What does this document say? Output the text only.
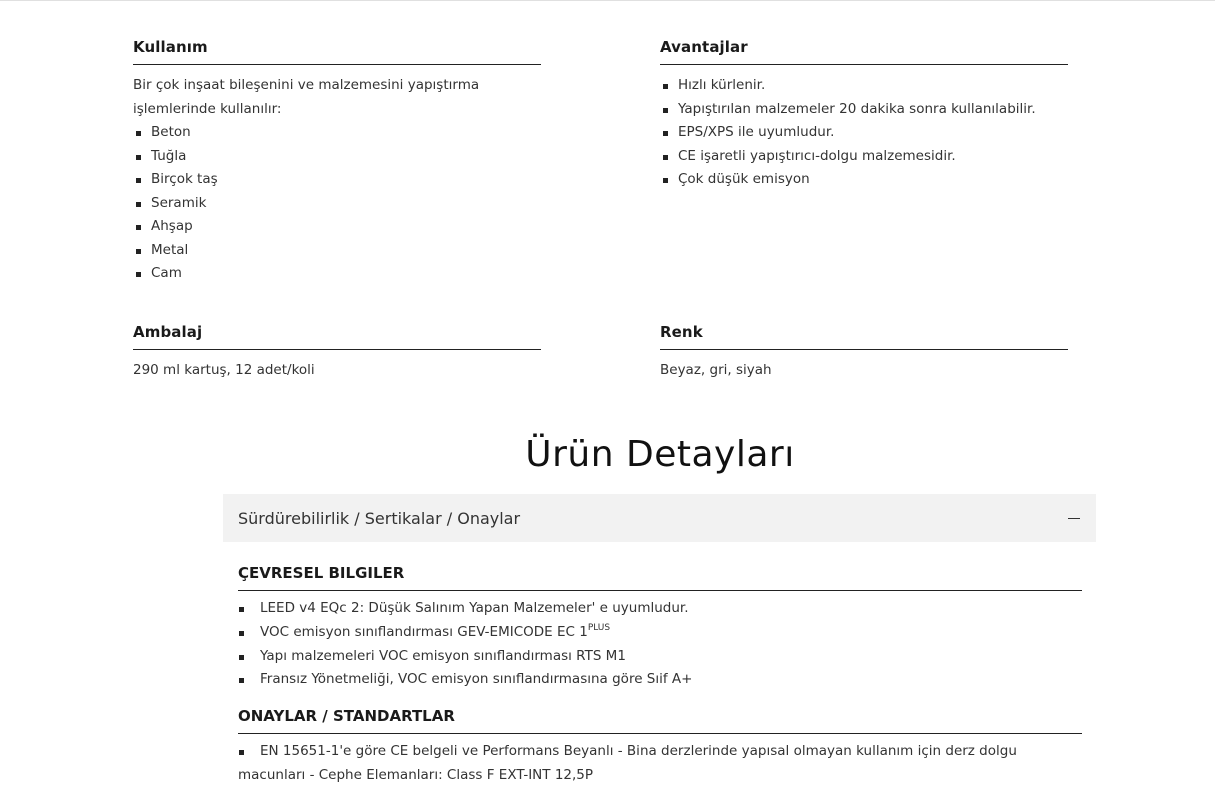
Kullanım

Bir çok inşaat bileşenini ve malzemesini yapıştırma işlemlerinde kullanılır:

Beton
Tuğla
Birçok taş
Seramik
Ahşap
Metal
Cam
Avantajlar
Hızlı kürlenir.
Yapıştırılan malzemeler 20 dakika sonra kullanılabilir.
EPS/XPS ile uyumludur.
CE işaretli yapıştırıcı-dolgu malzemesidir.
Çok düşük emisyon
Ambalaj

290 ml kartuş, 12 adet/koli

Renk

Beyaz, gri, siyah

Ürün Detayları
Sürdürebilirlik / Sertikalar / Onaylar
ÇEVRESEL BILGILER
LEED v4 EQc 2: Düşük Salınım Yapan Malzemeler' e uyumludur.
VOC emisyon sınıflandırması GEV-EMICODE EC $1^{PLUS}$
Yapı malzemeleri VOC emisyon sınıflandırması RTS M1
Fransız Yönetmeliği, VOC emisyon sınıflandırmasına göre Sıif A+
ONAYLAR / STANDARTLAR
EN 15651-1'e göre CE belgeli ve Performans Beyanlı - Bina derzlerinde yapısal olmayan kullanım için derz dolgu macunları - Cephe Elemanları: Class F EXT-INT 12,5P
